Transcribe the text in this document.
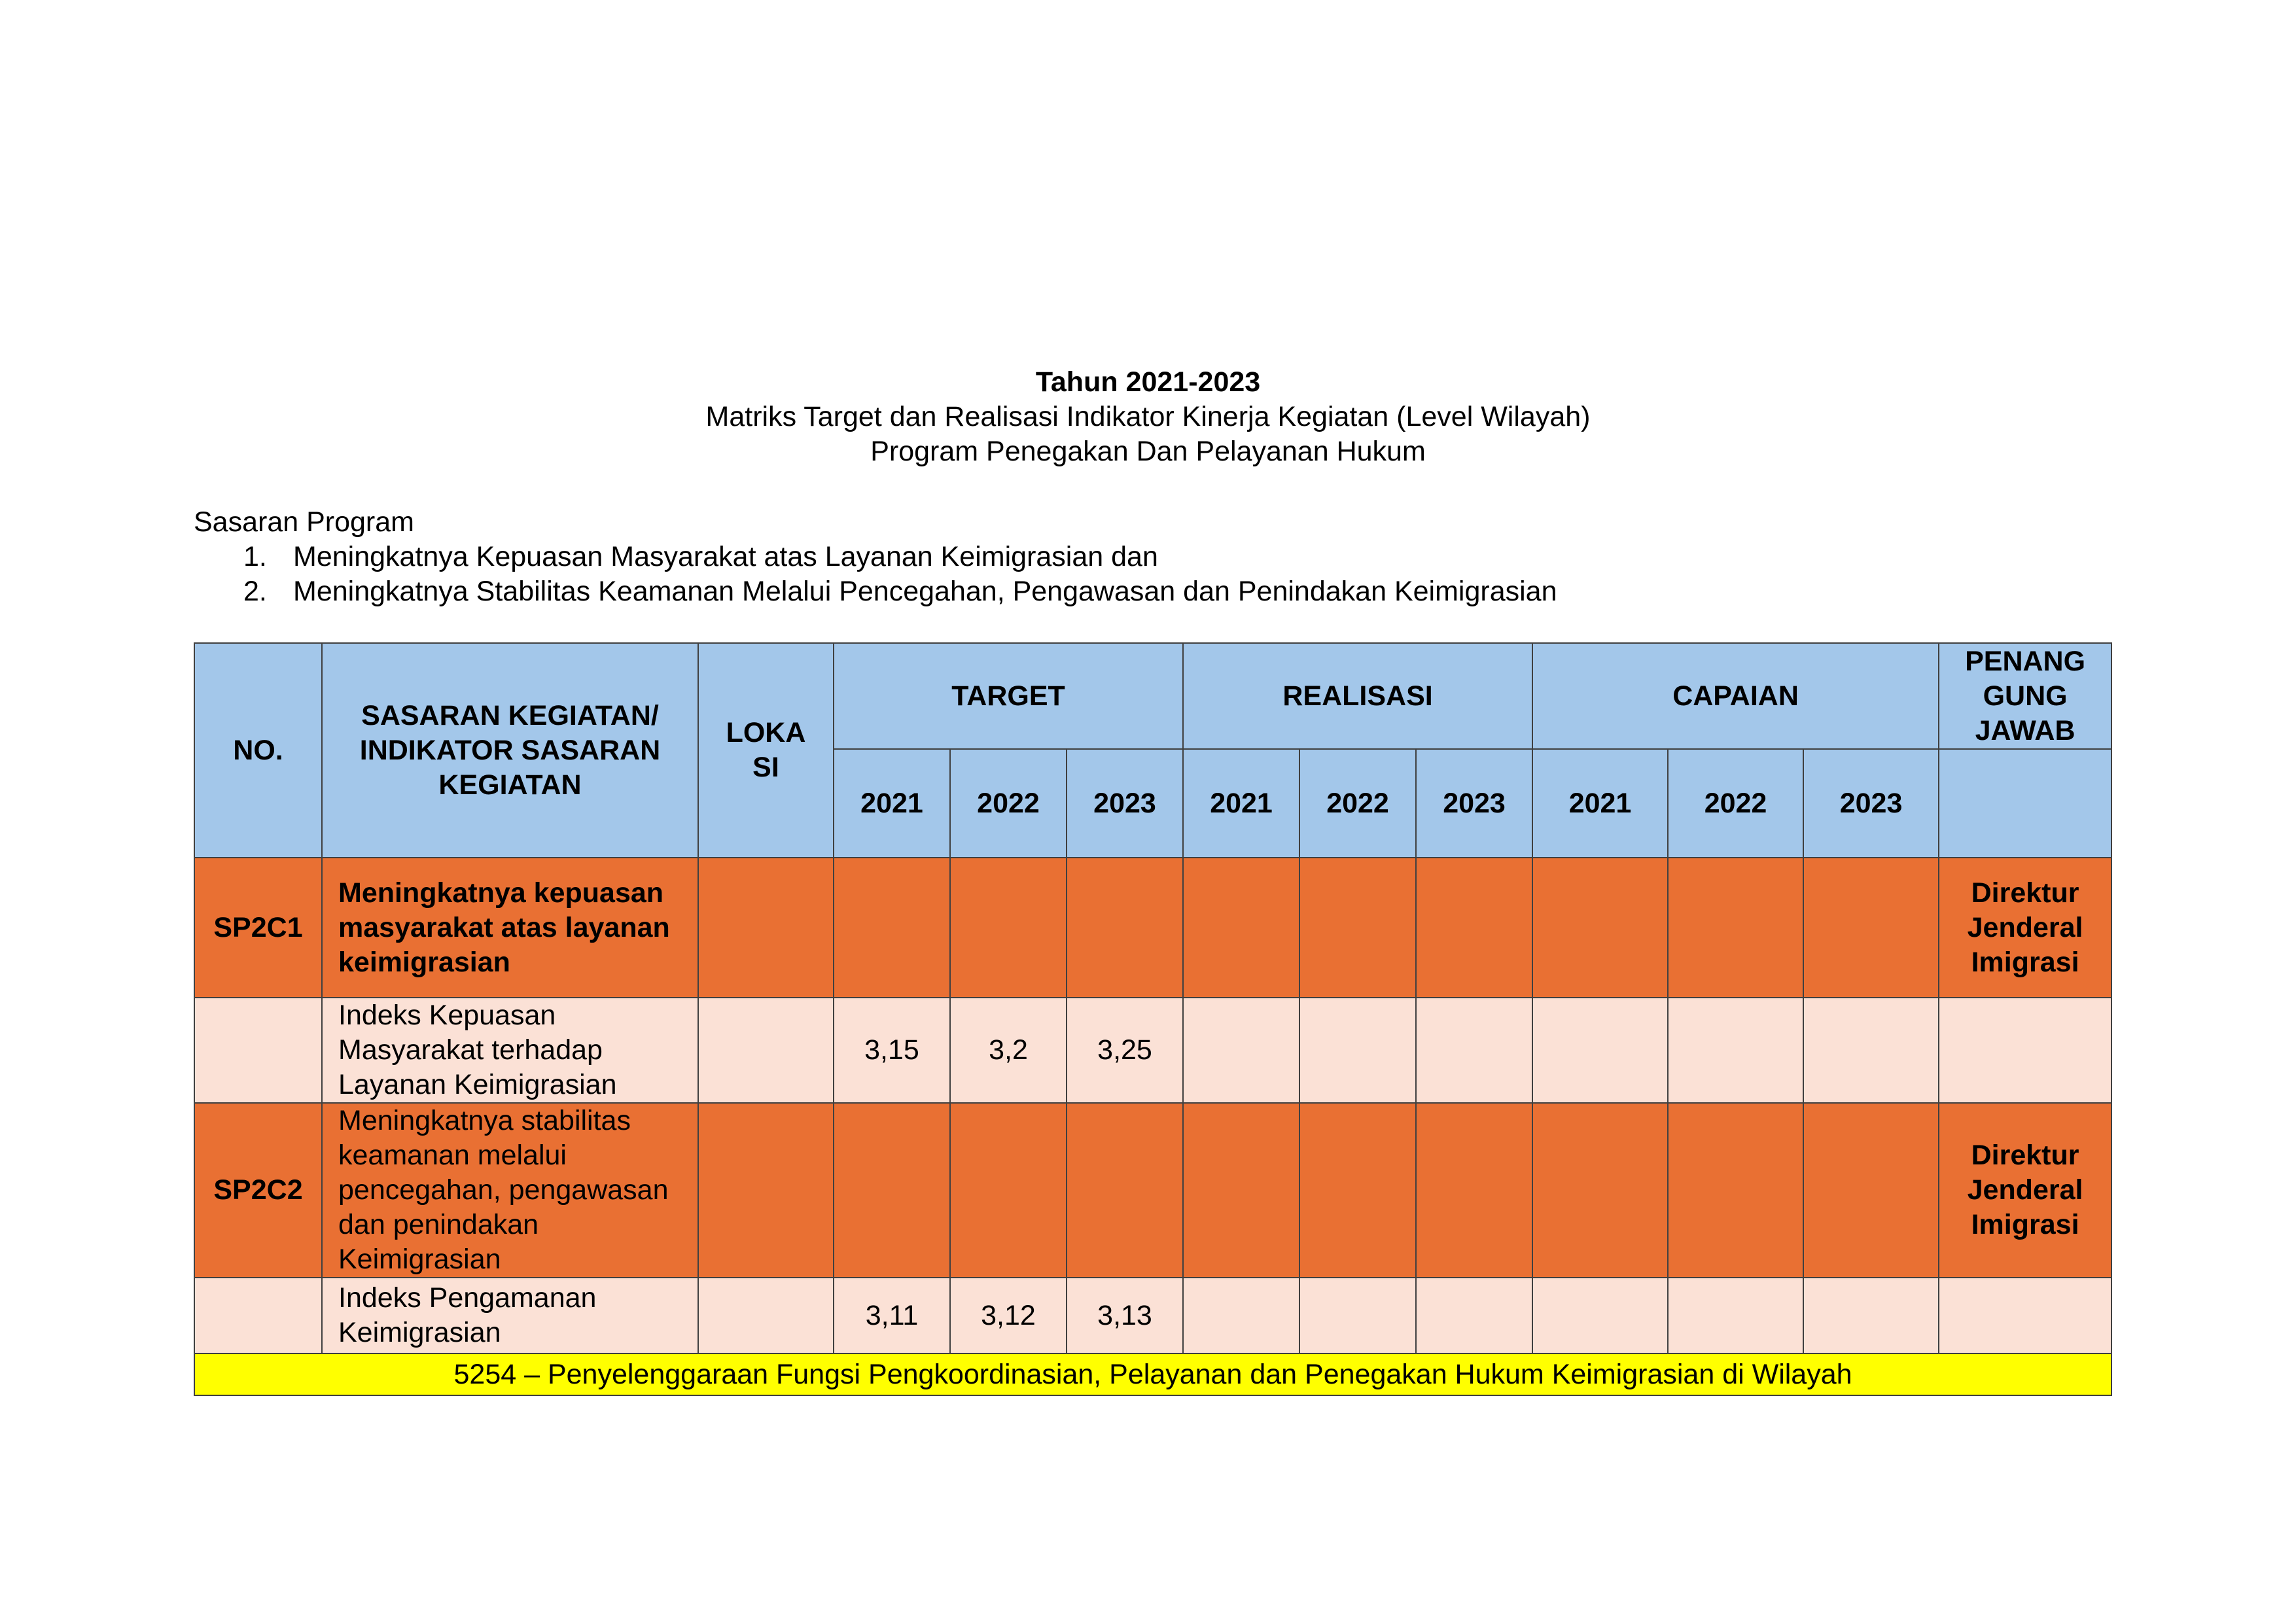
Tahun 2021-2023
Matriks Target dan Realisasi Indikator Kinerja Kegiatan (Level Wilayah)
Program Penegakan Dan Pelayanan Hukum
Sasaran Program
1. Meningkatnya Kepuasan Masyarakat atas Layanan Keimigrasian dan
2. Meningkatnya Stabilitas Keamanan Melalui Pencegahan, Pengawasan dan Penindakan Keimigrasian
NO.	SASARAN KEGIATAN/ INDIKATOR SASARAN KEGIATAN	LOKA SI	TARGET			REALISASI			CAPAIAN			PENANG GUNG JAWAB
			2021	2022	2023	2021	2022	2023	2021	2022	2023	
SP2C1	Meningkatnya kepuasan masyarakat atas layanan keimigrasian											Direktur Jenderal Imigrasi
	Indeks Kepuasan Masyarakat terhadap Layanan Keimigrasian		3,15	3,2	3,25							
SP2C2	Meningkatnya stabilitas keamanan melalui pencegahan, pengawasan dan penindakan Keimigrasian											Direktur Jenderal Imigrasi
	Indeks Pengamanan Keimigrasian		3,11	3,12	3,13							
5254 – Penyelenggaraan Fungsi Pengkoordinasian, Pelayanan dan Penegakan Hukum Keimigrasian di Wilayah												
